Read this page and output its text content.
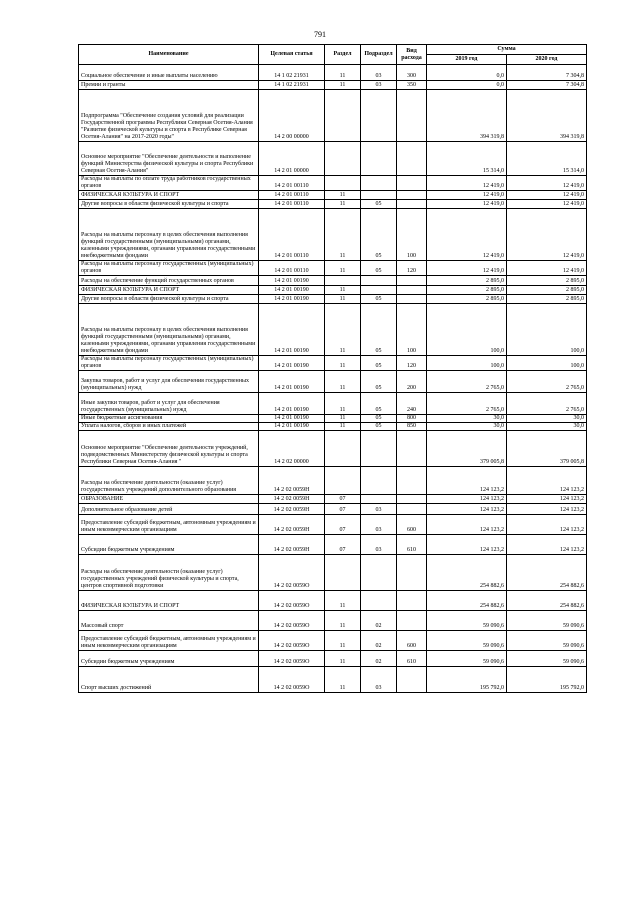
791
Наименование	Целевая статья	Раздел	Подраздел	Вид расхода	Сумма	
					2019 год	2020 год
Социальное обеспечение и иные выплаты населению	14 1 02 21931	11	03	300	0,0	7 304,8
Премии и гранты	14 1 02 21931	11	03	350	0,0	7 304,8
Подпрограмма "Обеспечение создания условий для реализации Государственной программы Республики Северная Осетия-Алания "Развитие физической культуры и спорта в Республике Северная Осетия-Алания" на 2017-2020 годы"	14 2 00 00000				394 319,8	394 319,8
Основное мероприятие "Обеспечение деятельности и выполнение функций Министерства физической культуры и спорта Республики Северная Осетия-Алания"	14 2 01 00000				15 314,0	15 314,0
Расходы на выплаты по оплате труда работников государственных органов	14 2 01 00110				12 419,0	12 419,0
ФИЗИЧЕСКАЯ КУЛЬТУРА И СПОРТ	14 2 01 00110	11			12 419,0	12 419,0
Другие вопросы в области физической культуры и спорта	14 2 01 00110	11	05		12 419,0	12 419,0
Расходы на выплаты персоналу в целях обеспечения выполнения функций государственными (муниципальными) органами, казенными учреждениями, органами управления государственными внебюджетными фондами	14 2 01 00110	11	05	100	12 419,0	12 419,0
Расходы на выплаты персоналу государственных (муниципальных) органов	14 2 01 00110	11	05	120	12 419,0	12 419,0
Расходы на обеспечение функций государственных органов	14 2 01 00190				2 895,0	2 895,0
ФИЗИЧЕСКАЯ КУЛЬТУРА И СПОРТ	14 2 01 00190	11			2 895,0	2 895,0
Другие вопросы в области физической культуры и спорта	14 2 01 00190	11	05		2 895,0	2 895,0
Расходы на выплаты персоналу в целях обеспечения выполнения функций государственными (муниципальными) органами, казенными учреждениями, органами управления государственными внебюджетными фондами	14 2 01 00190	11	05	100	100,0	100,0
Расходы на выплаты персоналу государственных (муниципальных) органов	14 2 01 00190	11	05	120	100,0	100,0
Закупка товаров, работ и услуг для обеспечения государственных (муниципальных) нужд	14 2 01 00190	11	05	200	2 765,0	2 765,0
Иные закупки товаров, работ и услуг для обеспечения государственных (муниципальных) нужд	14 2 01 00190	11	05	240	2 765,0	2 765,0
Иные бюджетные ассигнования	14 2 01 00190	11	05	800	30,0	30,0
Уплата налогов, сборов и иных платежей	14 2 01 00190	11	05	850	30,0	30,0
Основное мероприятие "Обеспечение деятельности учреждений, подведомственных Министерству физической культуры и спорта Республики Северная Осетия-Алания "	14 2 02 00000				379 005,8	379 005,8
Расходы на обеспечение деятельности (оказание услуг) государственных учреждений дополнительного образования	14 2 02 0059Н				124 123,2	124 123,2
ОБРАЗОВАНИЕ	14 2 02 0059Н	07			124 123,2	124 123,2
Дополнительное образование детей	14 2 02 0059Н	07	03		124 123,2	124 123,2
Предоставление субсидий бюджетным, автономным учреждениям и иным некоммерческим организациям	14 2 02 0059Н	07	03	600	124 123,2	124 123,2
Субсидии бюджетным учреждениям	14 2 02 0059Н	07	03	610	124 123,2	124 123,2
Расходы на обеспечение деятельности (оказание услуг) государственных учреждений физической культуры и спорта, центров спортивной подготовки	14 2 02 0059О				254 882,6	254 882,6
ФИЗИЧЕСКАЯ КУЛЬТУРА И СПОРТ	14 2 02 0059О	11			254 882,6	254 882,6
Массовый спорт	14 2 02 0059О	11	02		59 090,6	59 090,6
Предоставление субсидий бюджетным, автономным учреждениям и иным некоммерческим организациям	14 2 02 0059О	11	02	600	59 090,6	59 090,6
Субсидии бюджетным учреждениям	14 2 02 0059О	11	02	610	59 090,6	59 090,6
Спорт высших достижений	14 2 02 0059О	11	03		195 792,0	195 792,0
